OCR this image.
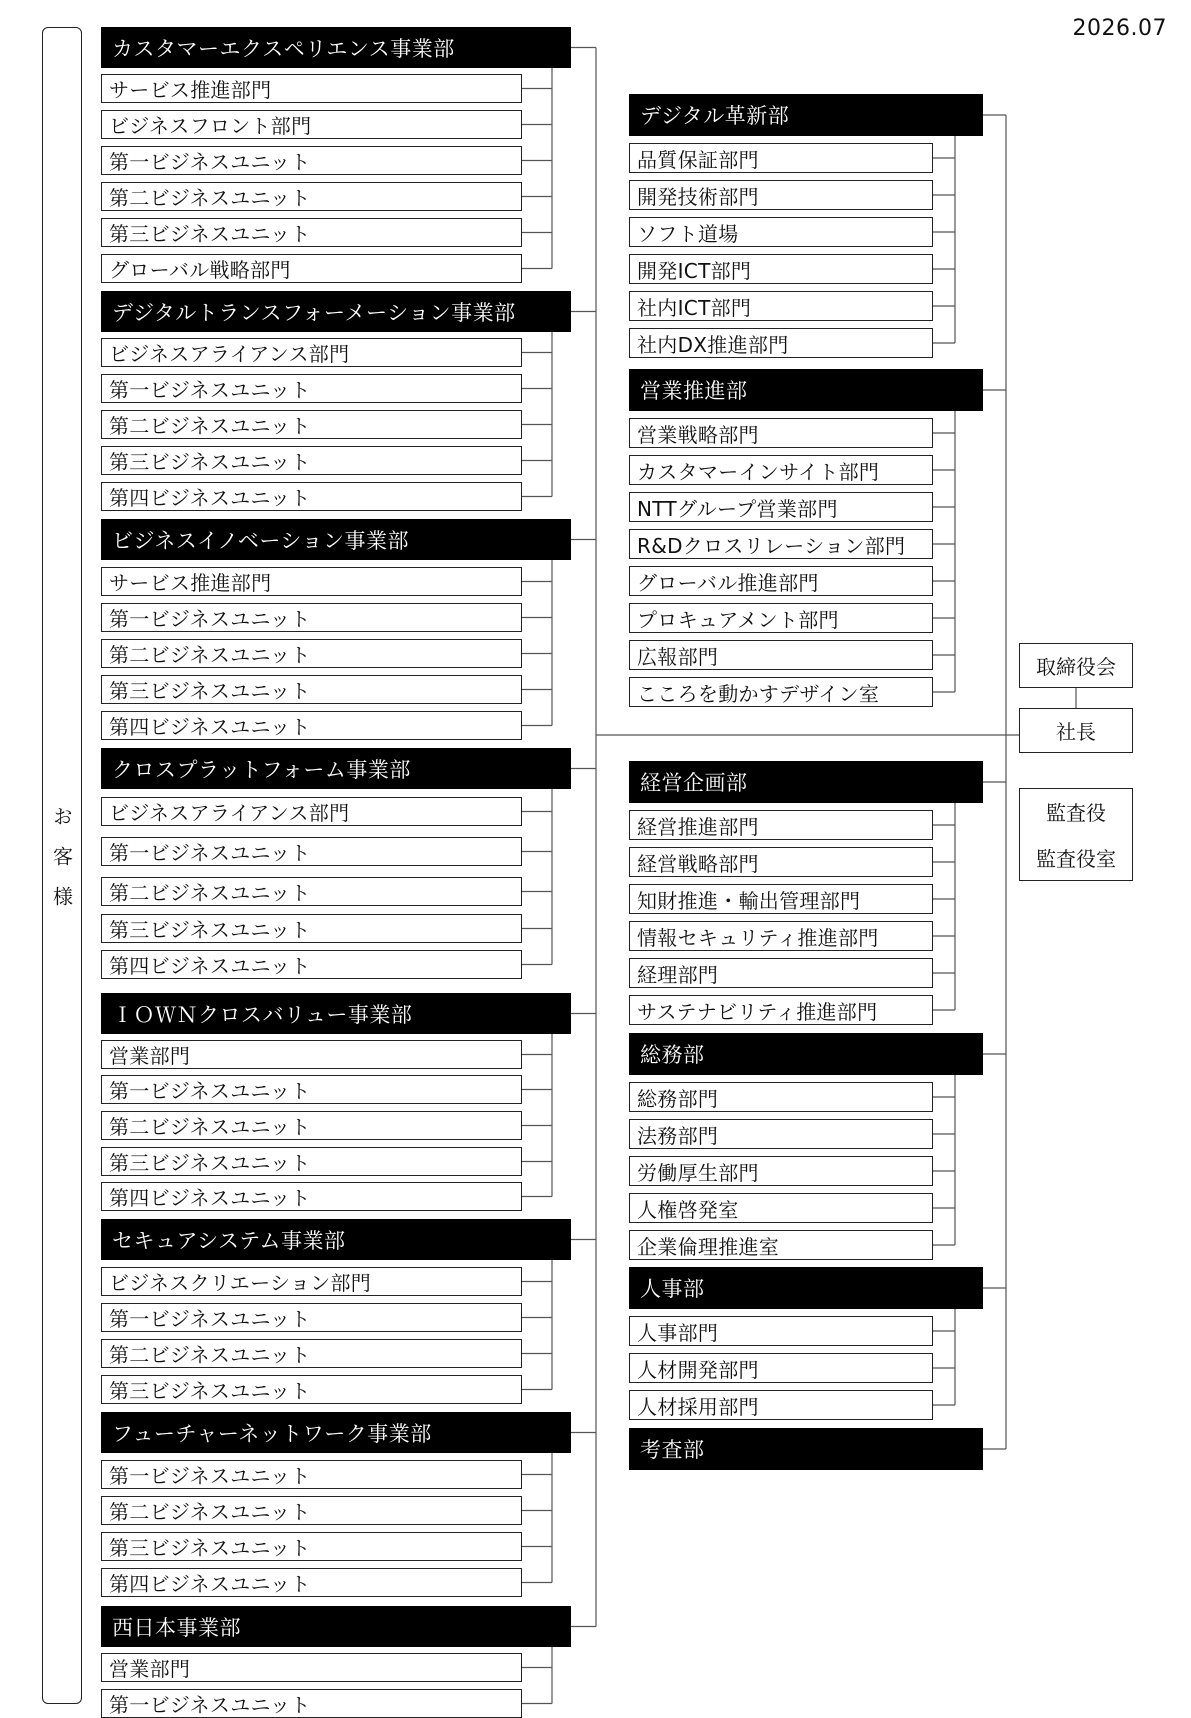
2026.07
お客様
取締役会
社長
監査役
監査役室
カスタマーエクスペリエンス事業部
サービス推進部門
ビジネスフロント部門
第一ビジネスユニット
第二ビジネスユニット
第三ビジネスユニット
グローバル戦略部門
デジタルトランスフォーメーション事業部
ビジネスアライアンス部門
第一ビジネスユニット
第二ビジネスユニット
第三ビジネスユニット
第四ビジネスユニット
ビジネスイノベーション事業部
サービス推進部門
第一ビジネスユニット
第二ビジネスユニット
第三ビジネスユニット
第四ビジネスユニット
クロスプラットフォーム事業部
ビジネスアライアンス部門
第一ビジネスユニット
第二ビジネスユニット
第三ビジネスユニット
第四ビジネスユニット
ＩＯＷＮクロスバリュー事業部
営業部門
第一ビジネスユニット
第二ビジネスユニット
第三ビジネスユニット
第四ビジネスユニット
セキュアシステム事業部
ビジネスクリエーション部門
第一ビジネスユニット
第二ビジネスユニット
第三ビジネスユニット
フューチャーネットワーク事業部
第一ビジネスユニット
第二ビジネスユニット
第三ビジネスユニット
第四ビジネスユニット
西日本事業部
営業部門
第一ビジネスユニット
デジタル革新部
品質保証部門
開発技術部門
ソフト道場
開発ICT部門
社内ICT部門
社内DX推進部門
営業推進部
営業戦略部門
カスタマーインサイト部門
NTTグループ営業部門
R&Dクロスリレーション部門
グローバル推進部門
プロキュアメント部門
広報部門
こころを動かすデザイン室
経営企画部
経営推進部門
経営戦略部門
知財推進・輸出管理部門
情報セキュリティ推進部門
経理部門
サステナビリティ推進部門
総務部
総務部門
法務部門
労働厚生部門
人権啓発室
企業倫理推進室
人事部
人事部門
人材開発部門
人材採用部門
考査部
